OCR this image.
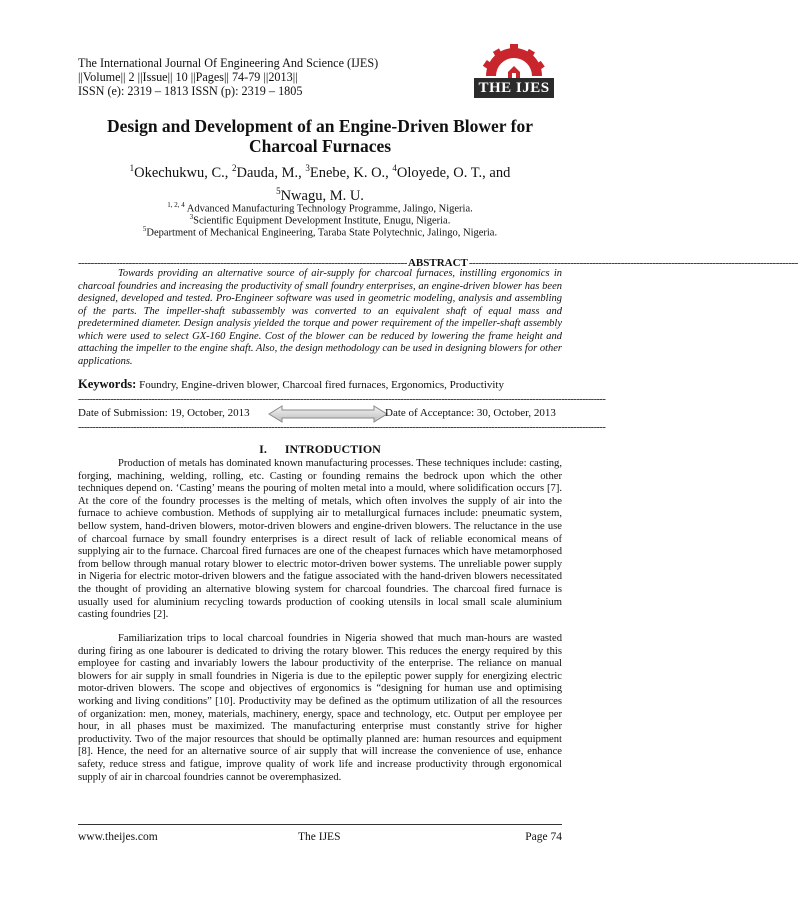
The International Journal Of Engineering And Science (IJES)
||Volume|| 2 ||Issue|| 10 ||Pages|| 74-79 ||2013||
ISSN (e): 2319 – 1813 ISSN (p): 2319 – 1805	THE IJES
Design and Development of an Engine-Driven Blower for Charcoal Furnaces
$^1$Okechukwu, C., $^2$Dauda, M., $^3$Enebe, K. O., $^4$Oloyede, O. T., and
$^5$Nwagu, M. U.
$^{1, 2, 4}$ Advanced Manufacturing Technology Programme, Jalingo, Nigeria.
$^3$Scientific Equipment Development Institute, Enugu, Nigeria.
$^5$Department of Mechanical Engineering, Taraba State Polytechnic, Jalingo, Nigeria.
-------------------------------------------------------------------------------------------------------- ABSTRACT --------------------------------------------------------------------------------------------------------

Towards providing an alternative source of air-supply for charcoal furnaces, instilling ergonomics in charcoal foundries and increasing the productivity of small foundry enterprises, an engine-driven blower has been designed, developed and tested. Pro-Engineer software was used in geometric modeling, analysis and assembling of the parts. The impeller-shaft subassembly was converted to an equivalent shaft of equal mass and predetermined diameter. Design analysis yielded the torque and power requirement of the impeller-shaft assembly which were used to select GX-160 Engine. Cost of the blower can be reduced by lowering the frame height and attaching the impeller to the engine shaft. Also, the design methodology can be used in designing blowers for other applications.

Keywords: Foundry, Engine-driven blower, Charcoal fired furnaces, Ergonomics, Productivity

------------------------------------------------------------------------------------------------------------------------------------------------------------------------------------
Date of Submission: 19, October, 2013	Date of Acceptance: 30, October, 2013
------------------------------------------------------------------------------------------------------------------------------------------------------------------------------------
I. INTRODUCTION

Production of metals has dominated known manufacturing processes. These techniques include: casting, forging, machining, welding, rolling, etc. Casting or founding remains the bedrock upon which the other techniques depend on. ‘Casting’ means the pouring of molten metal into a mould, where solidification occurs [7]. At the core of the foundry processes is the melting of metals, which often involves the supply of air into the furnace to achieve combustion. Methods of supplying air to metallurgical furnaces include: pneumatic system, bellow system, hand-driven blowers, motor-driven blowers and engine-driven blowers. The reluctance in the use of charcoal furnace by small foundry enterprises is a direct result of lack of reliable economical means of supplying air to the furnace. Charcoal fired furnaces are one of the cheapest furnaces which have metamorphosed from bellow through manual rotary blower to electric motor-driven bower systems. The unreliable power supply in Nigeria for electric motor-driven blowers and the fatigue associated with the hand-driven blowers necessitated the thought of providing an alternative blowing system for charcoal foundries. The charcoal fired furnace is usually used for aluminium recycling towards production of cooking utensils in local small scale aluminium casting foundries [2].

Familiarization trips to local charcoal foundries in Nigeria showed that much man-hours are wasted during firing as one labourer is dedicated to driving the rotary blower. This reduces the energy required by this employee for casting and invariably lowers the labour productivity of the enterprise. The reliance on manual blowers for air supply in small foundries in Nigeria is due to the epileptic power supply for energizing electric motor-driven blowers. The scope and objectives of ergonomics is “designing for human use and optimising working and living conditions” [10]. Productivity may be defined as the optimum utilization of all the resources of organization: men, money, materials, machinery, energy, space and technology, etc. Output per employee per hour, in all phases must be maximized. The manufacturing enterprise must constantly strive for higher productivity. Two of the major resources that should be optimally planned are: human resources and equipment [8]. Hence, the need for an alternative source of air supply that will increase the convenience of use, enhance safety, reduce stress and fatigue, improve quality of work life and increase productivity through ergonomical supply of air in charcoal foundries cannot be overemphasized.

www.theijes.com	The IJES	Page 74
